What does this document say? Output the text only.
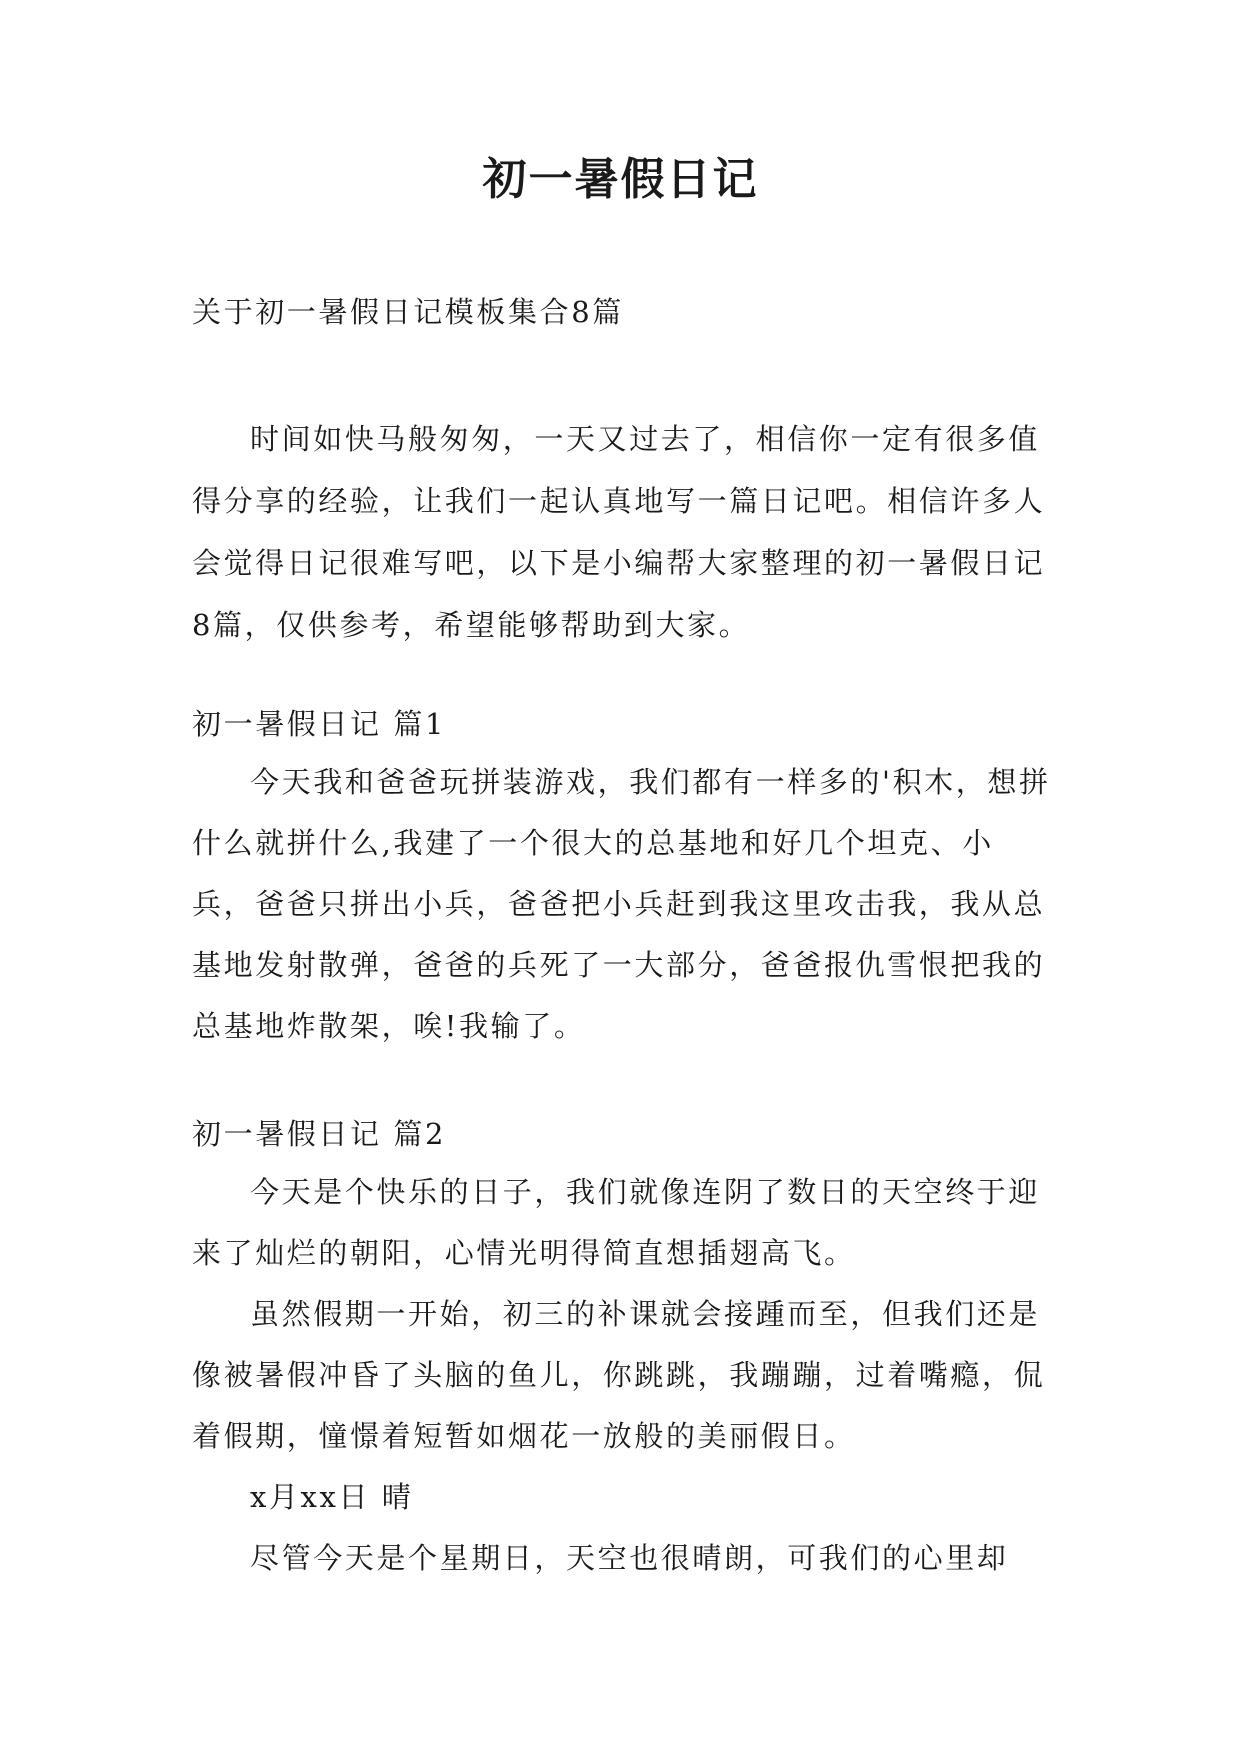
初一暑假日记

关于初一暑假日记模板集合8篇

时间如快马般匆匆，一天又过去了，相信你一定有很多值得分享的经验，让我们一起认真地写一篇日记吧。相信许多人会觉得日记很难写吧，以下是小编帮大家整理的初一暑假日记8篇，仅供参考，希望能够帮助到大家。

初一暑假日记 篇1

今天我和爸爸玩拼装游戏，我们都有一样多的'积木，想拼什么就拼什么,我建了一个很大的总基地和好几个坦克、小兵，爸爸只拼出小兵，爸爸把小兵赶到我这里攻击我，我从总基地发射散弹，爸爸的兵死了一大部分，爸爸报仇雪恨把我的总基地炸散架，唉!我输了。

初一暑假日记 篇2

今天是个快乐的日子，我们就像连阴了数日的天空终于迎来了灿烂的朝阳，心情光明得简直想插翅高飞。

虽然假期一开始，初三的补课就会接踵而至，但我们还是像被暑假冲昏了头脑的鱼儿，你跳跳，我蹦蹦，过着嘴瘾，侃着假期，憧憬着短暂如烟花一放般的美丽假日。

x月xx日 晴

尽管今天是个星期日，天空也很晴朗，可我们的心里却
